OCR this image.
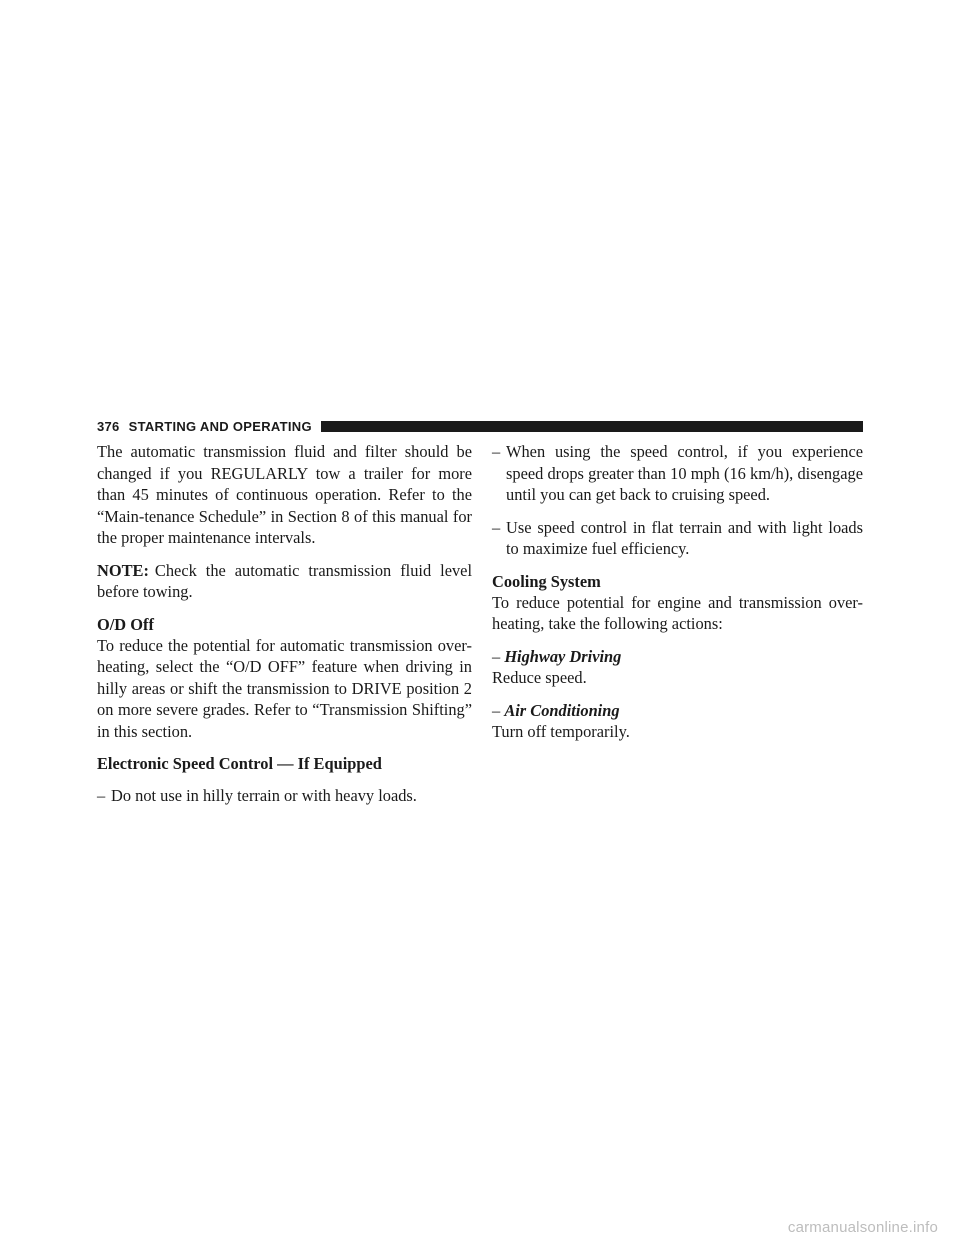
376 STARTING AND OPERATING

The automatic transmission fluid and filter should be changed if you REGULARLY tow a trailer for more than 45 minutes of continuous operation. Refer to the “Main-tenance Schedule” in Section 8 of this manual for the proper maintenance intervals.

NOTE: Check the automatic transmission fluid level before towing.

O/D Off

To reduce the potential for automatic transmission over-heating, select the “O/D OFF” feature when driving in hilly areas or shift the transmission to DRIVE position 2 on more severe grades. Refer to “Transmission Shifting” in this section.

Electronic Speed Control — If Equipped

– Do not use in hilly terrain or with heavy loads.

– When using the speed control, if you experience speed drops greater than 10 mph (16 km/h), disengage until you can get back to cruising speed.

– Use speed control in flat terrain and with light loads to maximize fuel efficiency.

Cooling System

To reduce potential for engine and transmission over-heating, take the following actions:

– Highway Driving

Reduce speed.

– Air Conditioning

Turn off temporarily.

carmanualsonline.info
